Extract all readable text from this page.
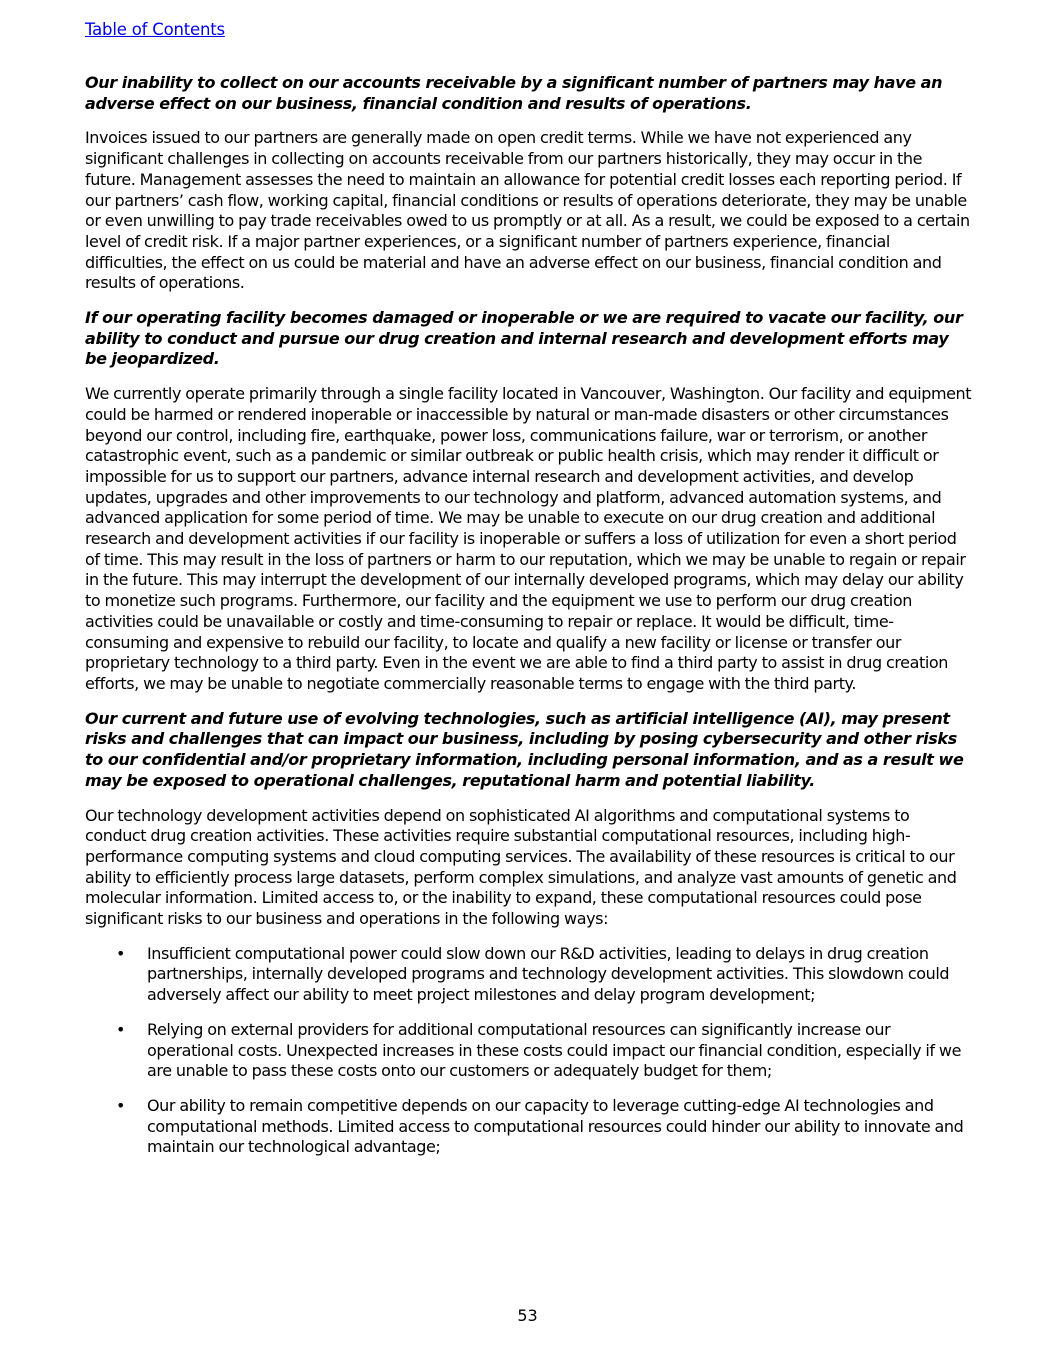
Table of Contents

Our inability to collect on our accounts receivable by a significant number of partners may have an adverse effect on our business, financial condition and results of operations.

Invoices issued to our partners are generally made on open credit terms. While we have not experienced any significant challenges in collecting on accounts receivable from our partners historically, they may occur in the future. Management assesses the need to maintain an allowance for potential credit losses each reporting period. If our partners’ cash flow, working capital, financial conditions or results of operations deteriorate, they may be unable or even unwilling to pay trade receivables owed to us promptly or at all. As a result, we could be exposed to a certain level of credit risk. If a major partner experiences, or a significant number of partners experience, financial difficulties, the effect on us could be material and have an adverse effect on our business, financial condition and results of operations.

If our operating facility becomes damaged or inoperable or we are required to vacate our facility, our ability to conduct and pursue our drug creation and internal research and development efforts may be jeopardized.

We currently operate primarily through a single facility located in Vancouver, Washington. Our facility and equipment could be harmed or rendered inoperable or inaccessible by natural or man-made disasters or other circumstances beyond our control, including fire, earthquake, power loss, communications failure, war or terrorism, or another catastrophic event, such as a pandemic or similar outbreak or public health crisis, which may render it difficult or impossible for us to support our partners, advance internal research and development activities, and develop updates, upgrades and other improvements to our technology and platform, advanced automation systems, and advanced application for some period of time. We may be unable to execute on our drug creation and additional research and development activities if our facility is inoperable or suffers a loss of utilization for even a short period of time. This may result in the loss of partners or harm to our reputation, which we may be unable to regain or repair in the future. This may interrupt the development of our internally developed programs, which may delay our ability to monetize such programs. Furthermore, our facility and the equipment we use to perform our drug creation activities could be unavailable or costly and time-consuming to repair or replace. It would be difficult, time-consuming and expensive to rebuild our facility, to locate and qualify a new facility or license or transfer our proprietary technology to a third party. Even in the event we are able to find a third party to assist in drug creation efforts, we may be unable to negotiate commercially reasonable terms to engage with the third party.

Our current and future use of evolving technologies, such as artificial intelligence (AI), may present risks and challenges that can impact our business, including by posing cybersecurity and other risks to our confidential and/or proprietary information, including personal information, and as a result we may be exposed to operational challenges, reputational harm and potential liability.

Our technology development activities depend on sophisticated AI algorithms and computational systems to conduct drug creation activities. These activities require substantial computational resources, including high-performance computing systems and cloud computing services. The availability of these resources is critical to our ability to efficiently process large datasets, perform complex simulations, and analyze vast amounts of genetic and molecular information. Limited access to, or the inability to expand, these computational resources could pose significant risks to our business and operations in the following ways:

• Insufficient computational power could slow down our R&D activities, leading to delays in drug creation partnerships, internally developed programs and technology development activities. This slowdown could adversely affect our ability to meet project milestones and delay program development;
• Relying on external providers for additional computational resources can significantly increase our operational costs. Unexpected increases in these costs could impact our financial condition, especially if we are unable to pass these costs onto our customers or adequately budget for them;
• Our ability to remain competitive depends on our capacity to leverage cutting-edge AI technologies and computational methods. Limited access to computational resources could hinder our ability to innovate and maintain our technological advantage;
53
